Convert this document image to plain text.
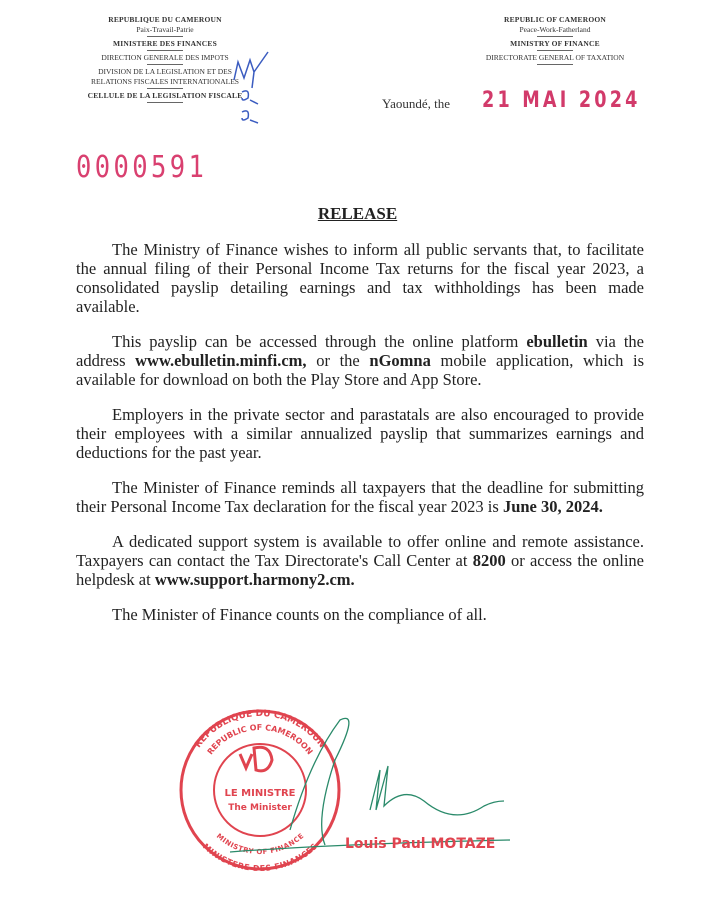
REPUBLIQUE DU CAMEROUN
Paix-Travail-Patrie
MINISTERE DES FINANCES
DIRECTION GENERALE DES IMPOTS
DIVISION DE LA LEGISLATION ET DES
RELATIONS FISCALES INTERNATIONALES
CELLULE DE LA LEGISLATION FISCALE
REPUBLIC OF CAMEROON
Peace-Work-Fatherland
MINISTRY OF FINANCE
DIRECTORATE GENERAL OF TAXATION
Yaoundé, the 21 MAI 2024
0000591
RELEASE

The Ministry of Finance wishes to inform all public servants that, to facilitate the annual filing of their Personal Income Tax returns for the fiscal year 2023, a consolidated payslip detailing earnings and tax withholdings has been made available.

This payslip can be accessed through the online platform ebulletin via the address www.ebulletin.minfi.cm, or the nGomna mobile application, which is available for download on both the Play Store and App Store.

Employers in the private sector and parastatals are also encouraged to provide their employees with a similar annualized payslip that summarizes earnings and deductions for the past year.

The Minister of Finance reminds all taxpayers that the deadline for submitting their Personal Income Tax declaration for the fiscal year 2023 is June 30, 2024.

A dedicated support system is available to offer online and remote assistance. Taxpayers can contact the Tax Directorate's Call Center at 8200 or access the online helpdesk at www.support.harmony2.cm.

The Minister of Finance counts on the compliance of all.

REPUBLIQUE DU CAMEROUN
REPUBLIC OF CAMEROON
MINISTRY OF FINANCE
MINISTERE DES FINANCES
LE MINISTRE
The Minister
Louis Paul MOTAZE
